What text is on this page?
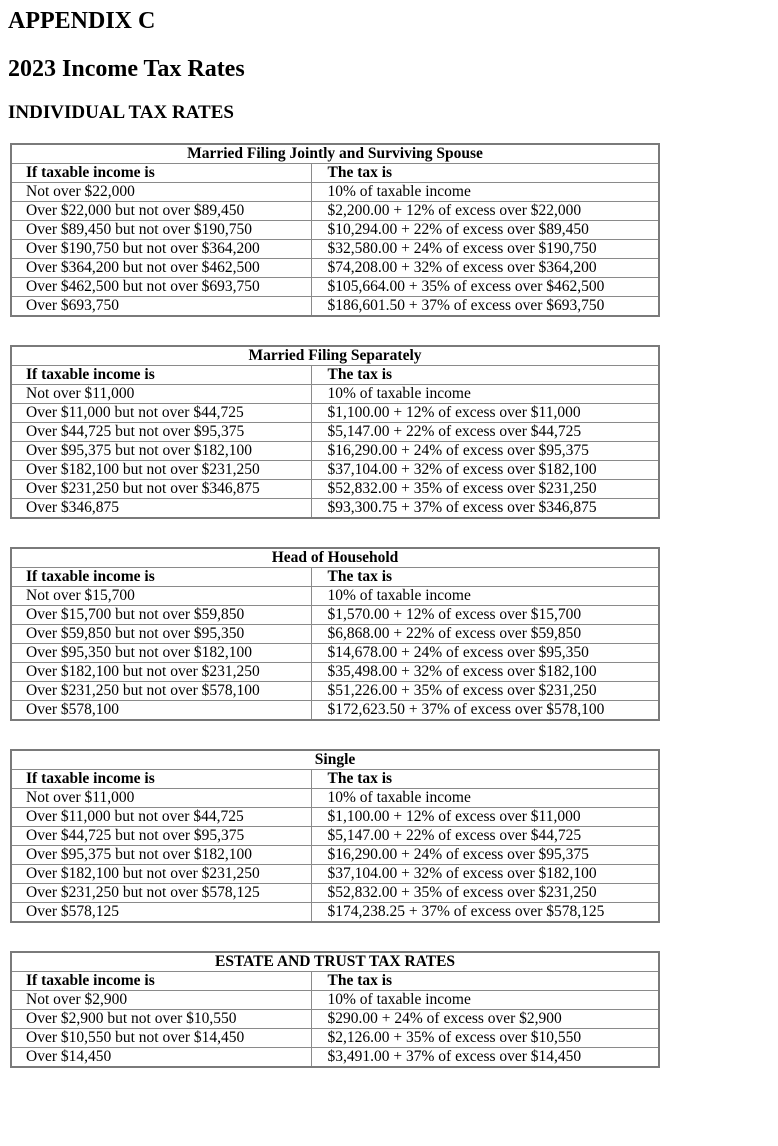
APPENDIX C
2023 Income Tax Rates
INDIVIDUAL TAX RATES
Married Filing Jointly and Surviving Spouse	
If taxable income is	The tax is
Not over $22,000	10% of taxable income
Over $22,000 but not over $89,450	$2,200.00 + 12% of excess over $22,000
Over $89,450 but not over $190,750	$10,294.00 + 22% of excess over $89,450
Over $190,750 but not over $364,200	$32,580.00 + 24% of excess over $190,750
Over $364,200 but not over $462,500	$74,208.00 + 32% of excess over $364,200
Over $462,500 but not over $693,750	$105,664.00 + 35% of excess over $462,500
Over $693,750	$186,601.50 + 37% of excess over $693,750
Married Filing Separately	
If taxable income is	The tax is
Not over $11,000	10% of taxable income
Over $11,000 but not over $44,725	$1,100.00 + 12% of excess over $11,000
Over $44,725 but not over $95,375	$5,147.00 + 22% of excess over $44,725
Over $95,375 but not over $182,100	$16,290.00 + 24% of excess over $95,375
Over $182,100 but not over $231,250	$37,104.00 + 32% of excess over $182,100
Over $231,250 but not over $346,875	$52,832.00 + 35% of excess over $231,250
Over $346,875	$93,300.75 + 37% of excess over $346,875
Head of Household	
If taxable income is	The tax is
Not over $15,700	10% of taxable income
Over $15,700 but not over $59,850	$1,570.00 + 12% of excess over $15,700
Over $59,850 but not over $95,350	$6,868.00 + 22% of excess over $59,850
Over $95,350 but not over $182,100	$14,678.00 + 24% of excess over $95,350
Over $182,100 but not over $231,250	$35,498.00 + 32% of excess over $182,100
Over $231,250 but not over $578,100	$51,226.00 + 35% of excess over $231,250
Over $578,100	$172,623.50 + 37% of excess over $578,100
Single	
If taxable income is	The tax is
Not over $11,000	10% of taxable income
Over $11,000 but not over $44,725	$1,100.00 + 12% of excess over $11,000
Over $44,725 but not over $95,375	$5,147.00 + 22% of excess over $44,725
Over $95,375 but not over $182,100	$16,290.00 + 24% of excess over $95,375
Over $182,100 but not over $231,250	$37,104.00 + 32% of excess over $182,100
Over $231,250 but not over $578,125	$52,832.00 + 35% of excess over $231,250
Over $578,125	$174,238.25 + 37% of excess over $578,125
ESTATE AND TRUST TAX RATES	
If taxable income is	The tax is
Not over $2,900	10% of taxable income
Over $2,900 but not over $10,550	$290.00 + 24% of excess over $2,900
Over $10,550 but not over $14,450	$2,126.00 + 35% of excess over $10,550
Over $14,450	$3,491.00 + 37% of excess over $14,450
